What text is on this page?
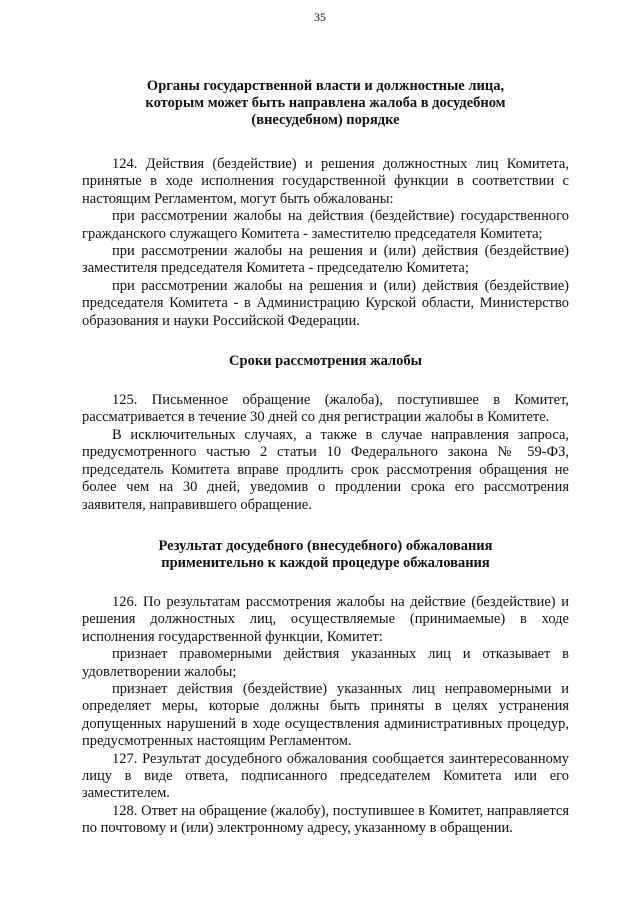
35

Органы государственной власти и должностные лица,
которым может быть направлена жалоба в досудебном
(внесудебном) порядке

124. Действия (бездействие) и решения должностных лиц Комитета, принятые в ходе исполнения государственной функции в соответствии с настоящим Регламентом, могут быть обжалованы:

при рассмотрении жалобы на действия (бездействие) государственного гражданского служащего Комитета - заместителю председателя Комитета;

при рассмотрении жалобы на решения и (или) действия (бездействие) заместителя председателя Комитета - председателю Комитета;

при рассмотрении жалобы на решения и (или) действия (бездействие) председателя Комитета - в Администрацию Курской области, Министерство образования и науки Российской Федерации.

Сроки рассмотрения жалобы

125. Письменное обращение (жалоба), поступившее в Комитет, рассматривается в течение 30 дней со дня регистрации жалобы в Комитете.

В исключительных случаях, а также в случае направления запроса, предусмотренного частью 2 статьи 10 Федерального закона № 59-ФЗ, председатель Комитета вправе продлить срок рассмотрения обращения не более чем на 30 дней, уведомив о продлении срока его рассмотрения заявителя, направившего обращение.

Результат досудебного (внесудебного) обжалования
применительно к каждой процедуре обжалования

126. По результатам рассмотрения жалобы на действие (бездействие) и решения должностных лиц, осуществляемые (принимаемые) в ходе исполнения государственной функции, Комитет:

признает правомерными действия указанных лиц и отказывает в удовлетворении жалобы;

признает действия (бездействие) указанных лиц неправомерными и определяет меры, которые должны быть приняты в целях устранения допущенных нарушений в ходе осуществления административных процедур, предусмотренных настоящим Регламентом.

127. Результат досудебного обжалования сообщается заинтересованному лицу в виде ответа, подписанного председателем Комитета или его заместителем.

128. Ответ на обращение (жалобу), поступившее в Комитет, направляется по почтовому и (или) электронному адресу, указанному в обращении.
